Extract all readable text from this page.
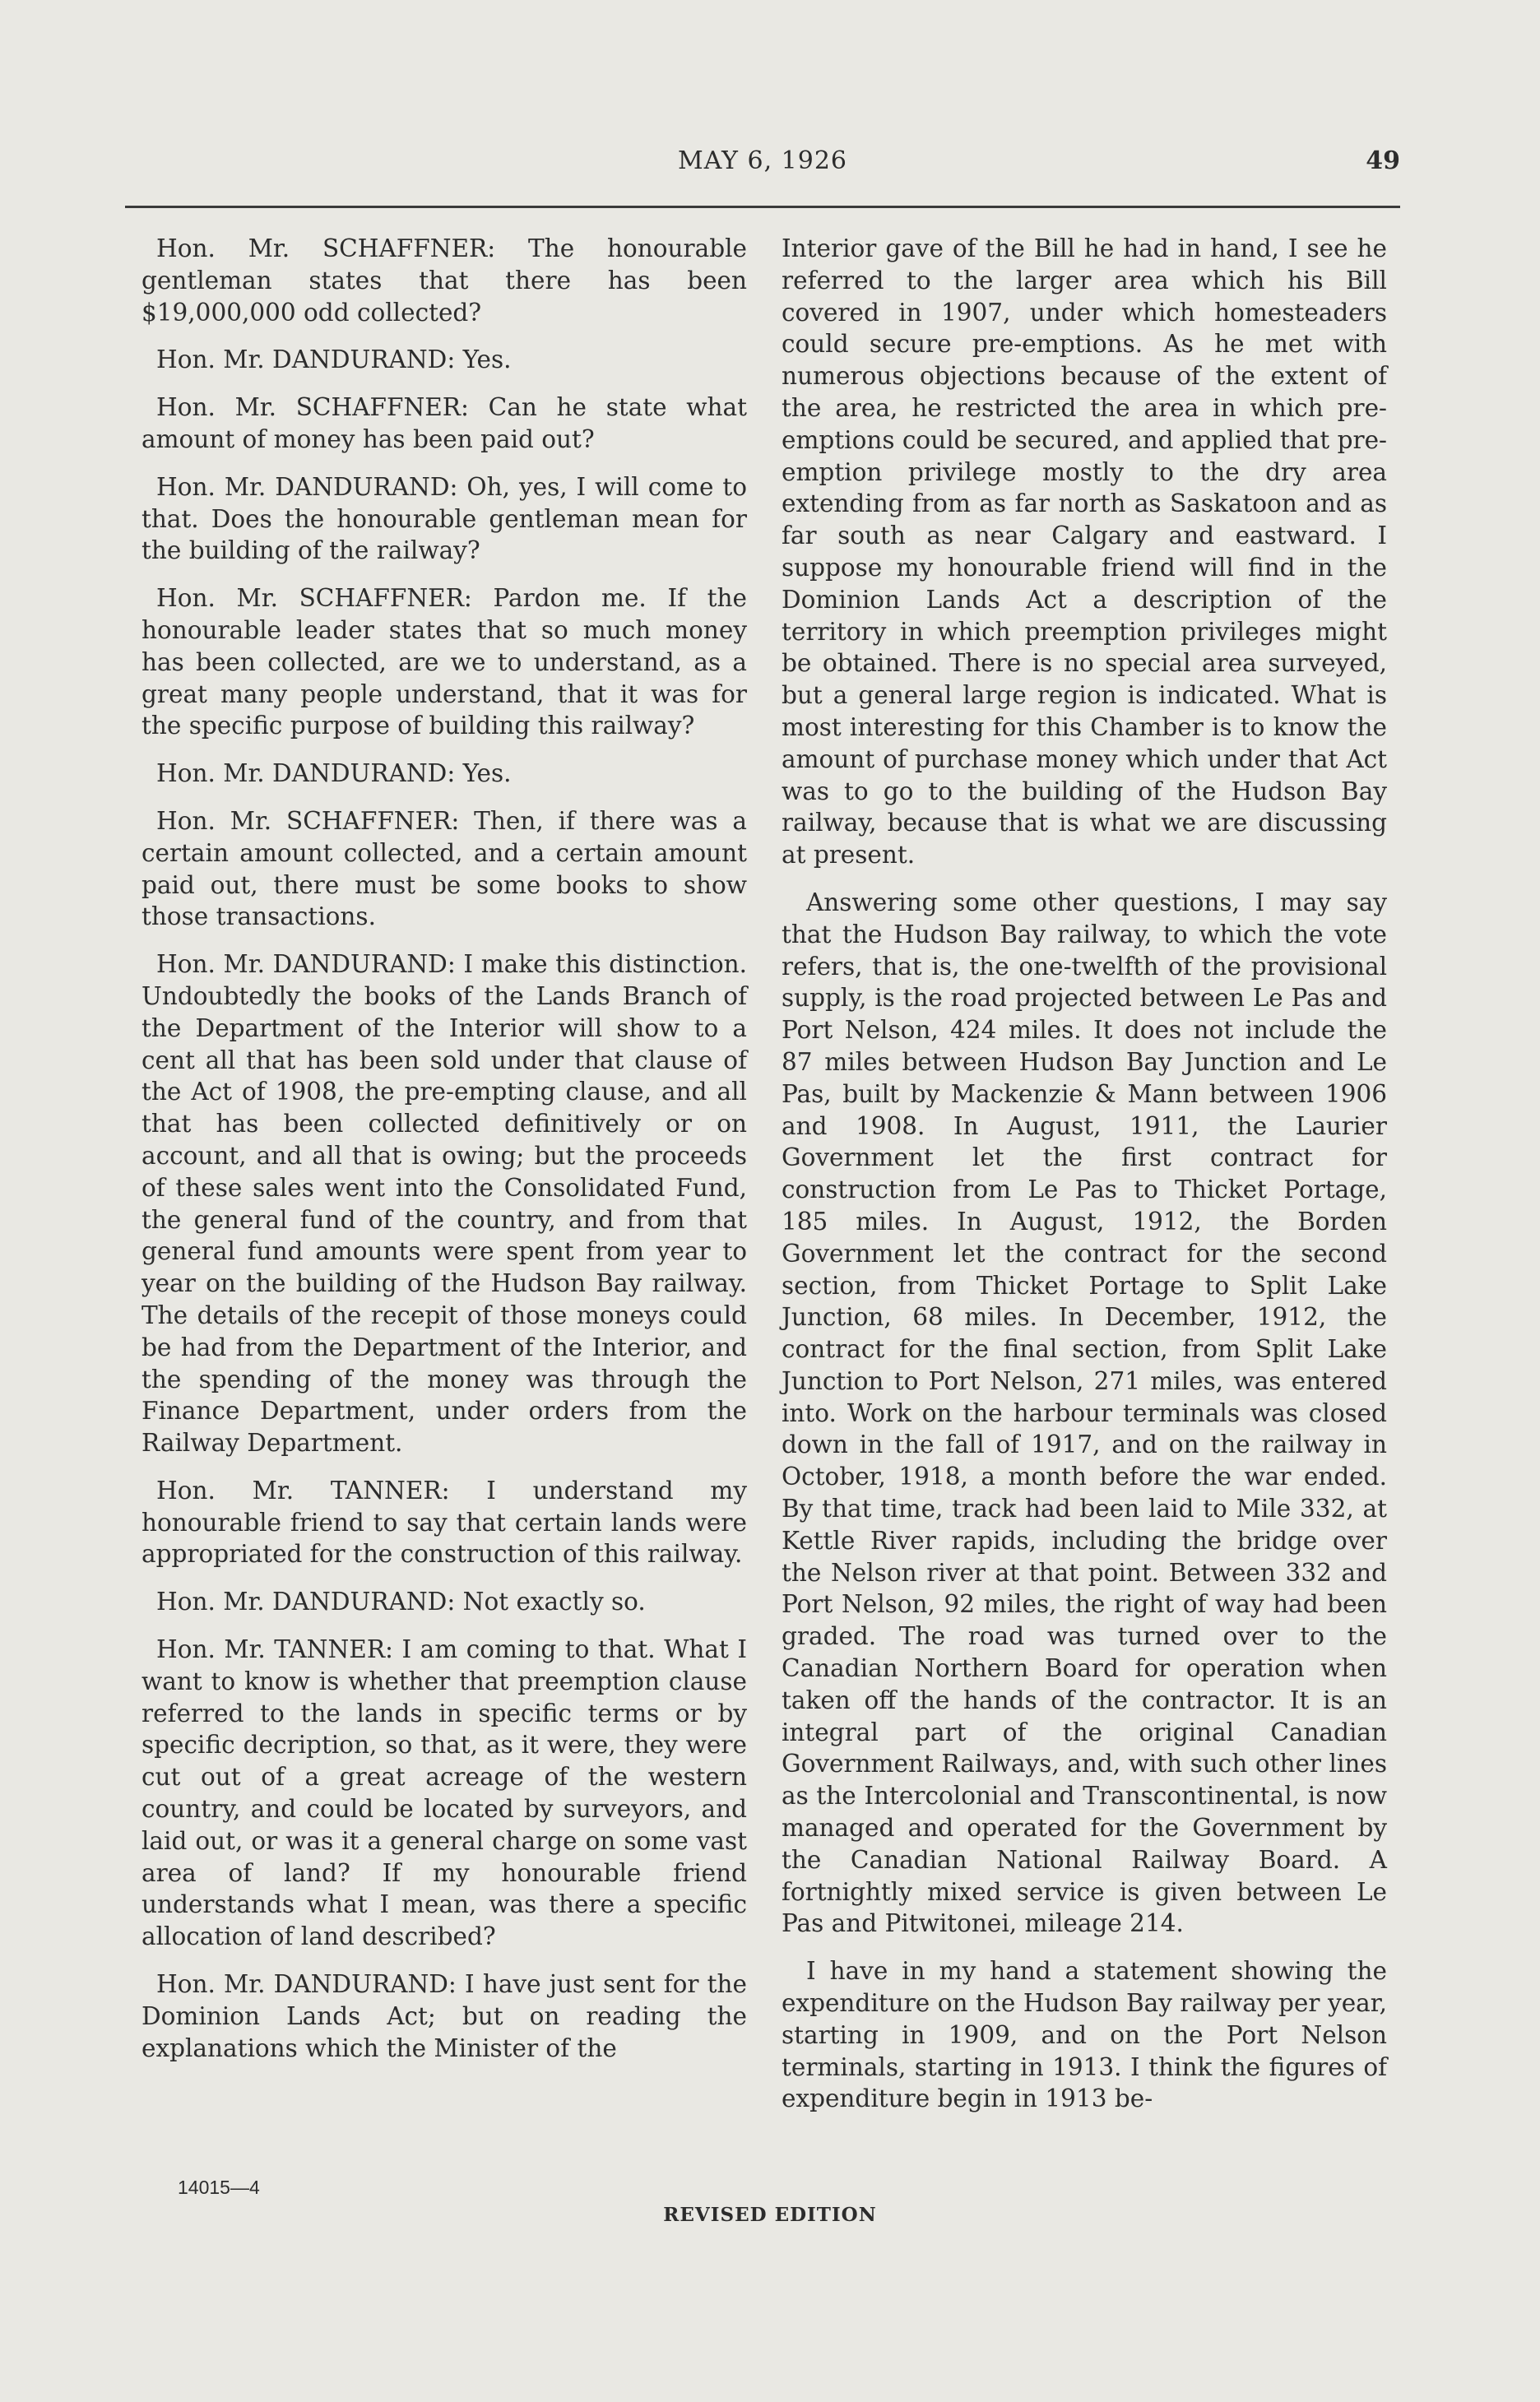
MAY 6, 1926	49

Hon. Mr. SCHAFFNER: The honourable gentleman states that there has been $19,000,000 odd collected?

Hon. Mr. DANDURAND: Yes.

Hon. Mr. SCHAFFNER: Can he state what amount of money has been paid out?

Hon. Mr. DANDURAND: Oh, yes, I will come to that. Does the honourable gentleman mean for the building of the railway?

Hon. Mr. SCHAFFNER: Pardon me. If the honourable leader states that so much money has been collected, are we to understand, as a great many people understand, that it was for the specific purpose of building this railway?

Hon. Mr. DANDURAND: Yes.

Hon. Mr. SCHAFFNER: Then, if there was a certain amount collected, and a certain amount paid out, there must be some books to show those transactions.

Hon. Mr. DANDURAND: I make this distinction. Undoubtedly the books of the Lands Branch of the Department of the Interior will show to a cent all that has been sold under that clause of the Act of 1908, the pre-empting clause, and all that has been collected definitively or on account, and all that is owing; but the proceeds of these sales went into the Consolidated Fund, the general fund of the country, and from that general fund amounts were spent from year to year on the building of the Hudson Bay railway. The details of the recepit of those moneys could be had from the Department of the Interior, and the spending of the money was through the Finance Department, under orders from the Railway Department.

Hon. Mr. TANNER: I understand my honourable friend to say that certain lands were appropriated for the construction of this railway.

Hon. Mr. DANDURAND: Not exactly so.

Hon. Mr. TANNER: I am coming to that. What I want to know is whether that preemption clause referred to the lands in specific terms or by specific decription, so that, as it were, they were cut out of a great acreage of the western country, and could be located by surveyors, and laid out, or was it a general charge on some vast area of land? If my honourable friend understands what I mean, was there a specific allocation of land described?

Hon. Mr. DANDURAND: I have just sent for the Dominion Lands Act; but on reading the explanations which the Minister of the

Interior gave of the Bill he had in hand, I see he referred to the larger area which his Bill covered in 1907, under which homesteaders could secure pre-emptions. As he met with numerous objections because of the extent of the area, he restricted the area in which pre-emptions could be secured, and applied that pre-emption privilege mostly to the dry area extending from as far north as Saskatoon and as far south as near Calgary and eastward. I suppose my honourable friend will find in the Dominion Lands Act a description of the territory in which preemption privileges might be obtained. There is no special area surveyed, but a general large region is indicated. What is most interesting for this Chamber is to know the amount of purchase money which under that Act was to go to the building of the Hudson Bay railway, because that is what we are discussing at present.

Answering some other questions, I may say that the Hudson Bay railway, to which the vote refers, that is, the one-twelfth of the provisional supply, is the road projected between Le Pas and Port Nelson, 424 miles. It does not include the 87 miles between Hudson Bay Junction and Le Pas, built by Mackenzie & Mann between 1906 and 1908. In August, 1911, the Laurier Government let the first contract for construction from Le Pas to Thicket Portage, 185 miles. In August, 1912, the Borden Government let the contract for the second section, from Thicket Portage to Split Lake Junction, 68 miles. In December, 1912, the contract for the final section, from Split Lake Junction to Port Nelson, 271 miles, was entered into. Work on the harbour terminals was closed down in the fall of 1917, and on the railway in October, 1918, a month before the war ended. By that time, track had been laid to Mile 332, at Kettle River rapids, including the bridge over the Nelson river at that point. Between 332 and Port Nelson, 92 miles, the right of way had been graded. The road was turned over to the Canadian Northern Board for operation when taken off the hands of the contractor. It is an integral part of the original Canadian Government Railways, and, with such other lines as the Intercolonial and Transcontinental, is now managed and operated for the Government by the Canadian National Railway Board. A fortnightly mixed service is given between Le Pas and Pitwitonei, mileage 214.

I have in my hand a statement showing the expenditure on the Hudson Bay railway per year, starting in 1909, and on the Port Nelson terminals, starting in 1913. I think the figures of expenditure begin in 1913 be-

14015—4
REVISED EDITION
